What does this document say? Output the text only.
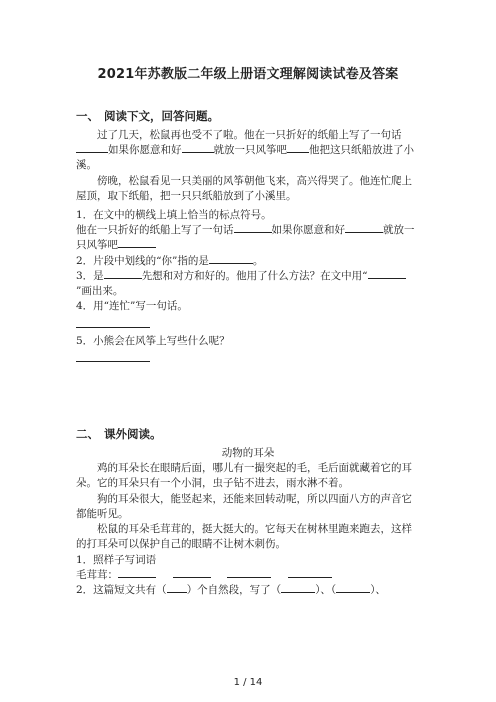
2021年苏教版二年级上册语文理解阅读试卷及答案
一、 阅读下文，回答问题。

过了几天，松鼠再也受不了啦。他在一只折好的纸船上写了一句话如果你愿意和好	就放一只风筝吧 他把这只纸船放进了小溪。

傍晚，松鼠看见一只美丽的风筝朝他飞来，高兴得哭了。他连忙爬上屋顶，取下纸船，把一只只纸船放到了小溪里。

1．在文中的横线上填上恰当的标点符号。

他在一只折好的纸船上写了一句话	如果你愿意和好	就放一只风筝吧

2．片段中划线的“你”指的是	。

3．是	先想和对方和好的。他用了什么方法？在文中用“”画出来。

4．用“连忙”写一句话。

5．小熊会在风筝上写些什么呢？

二、 课外阅读。

动物的耳朵

鸡的耳朵长在眼睛后面，哪儿有一撮突起的毛，毛后面就藏着它的耳朵。它的耳朵只有一个小洞，虫子钻不进去，雨水淋不着。

狗的耳朵很大，能竖起来，还能来回转动呢，所以四面八方的声音它都能听见。

松鼠的耳朵毛茸茸的，挺大挺大的。它每天在树林里跑来跑去，这样的打耳朵可以保护自己的眼睛不让树木刺伤。

1．照样子写词语

毛茸茸：

2．这篇短文共有（ ）个自然段，写了（	）、（	）、

1 / 14
